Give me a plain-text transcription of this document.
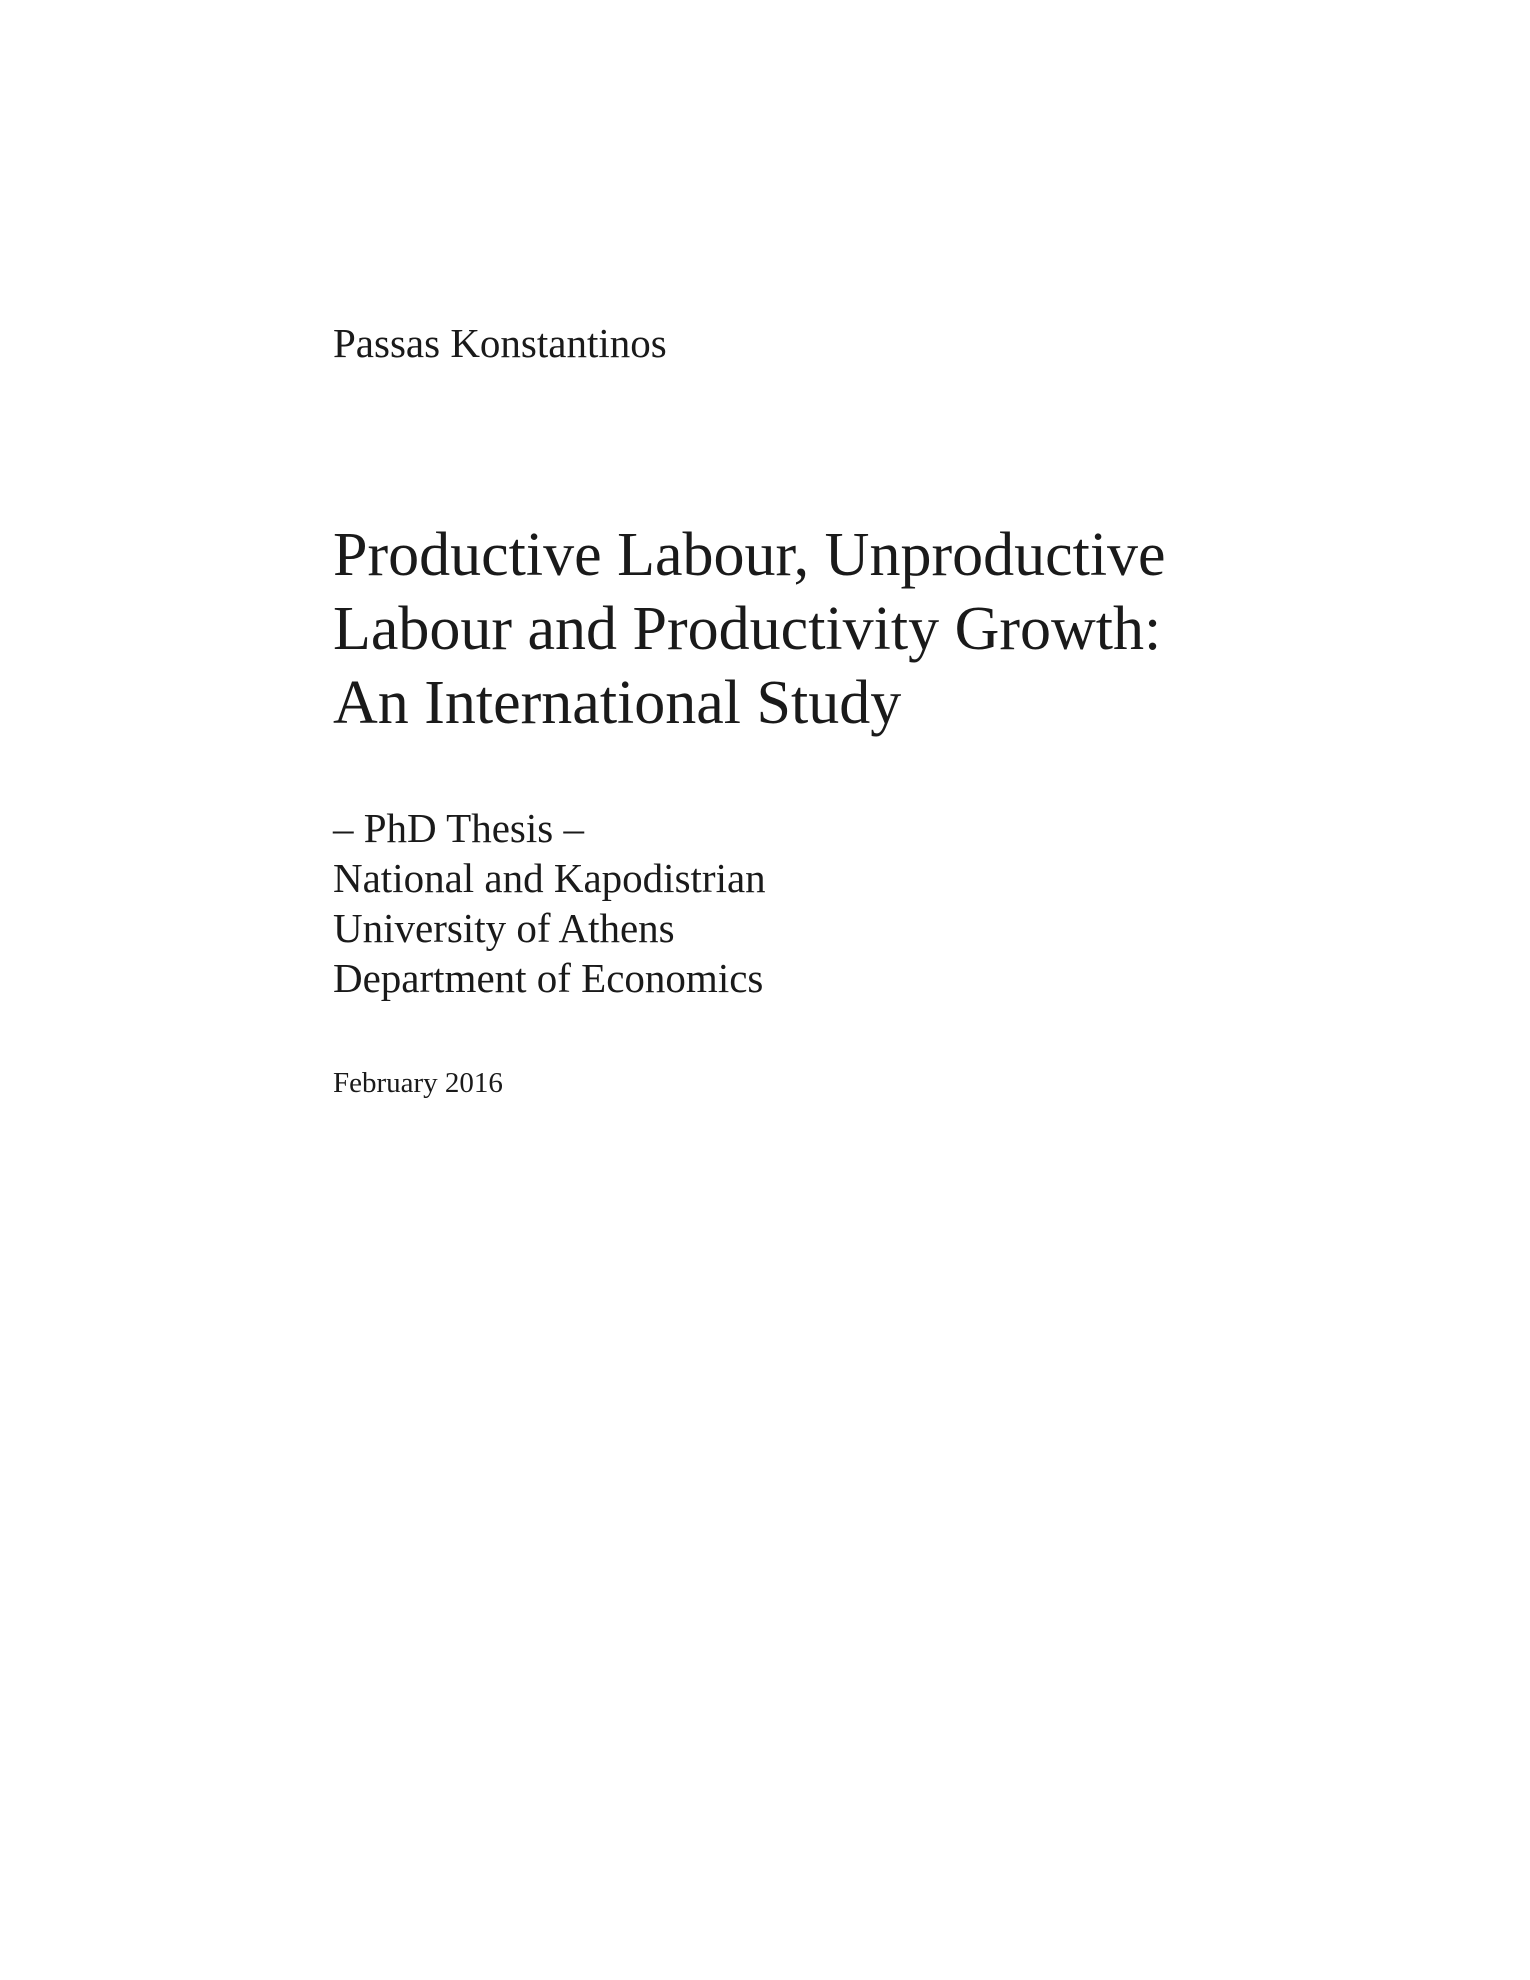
Passas Konstantinos

Productive Labour, Unproductive
Labour and Productivity Growth:
An International Study
– PhD Thesis –
National and Kapodistrian
University of Athens
Department of Economics

February 2016
